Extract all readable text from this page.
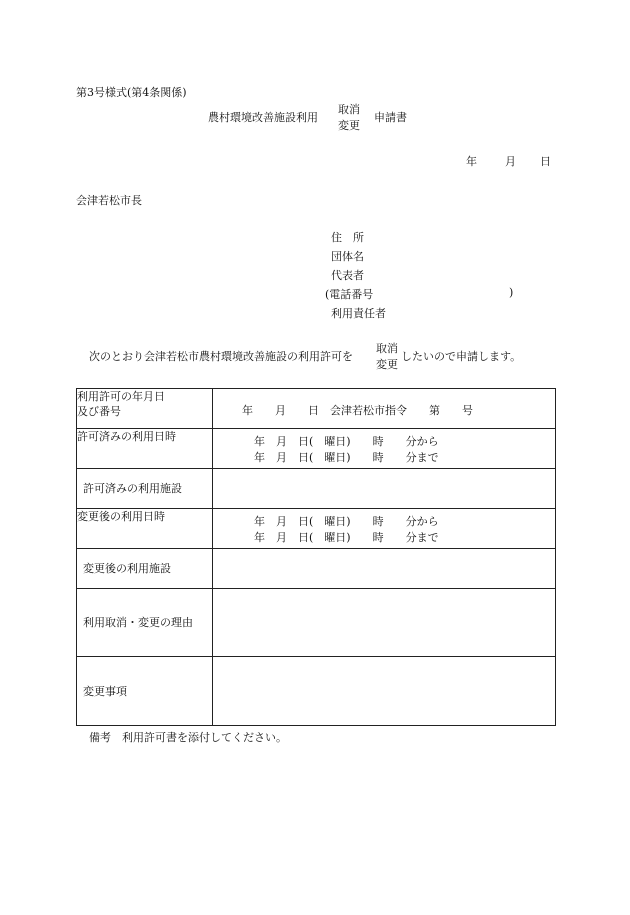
第3号様式(第4条関係)
農村環境改善施設利用
取消
変更
申請書
年	月 日
会津若松市長
住　所
団体名
代表者
(電話番号	)
利用責任者
次のとおり会津若松市農村環境改善施設の利用許可を
取消
変更
したいので申請します。
利用許可の年月日
及び番号	年　　月　　日　会津若松市指令　　第　　号

許可済みの利用日時	年　月　日(　曜日)　　時　　分から
年　月　日(　曜日)　　時　　分まで

許可済みの利用施設	
変更後の利用日時	年　月　日(　曜日)　　時　　分から
年　月　日(　曜日)　　時　　分まで

変更後の利用施設	
利用取消・変更の理由	
変更事項	
備考　利用許可書を添付してください。
